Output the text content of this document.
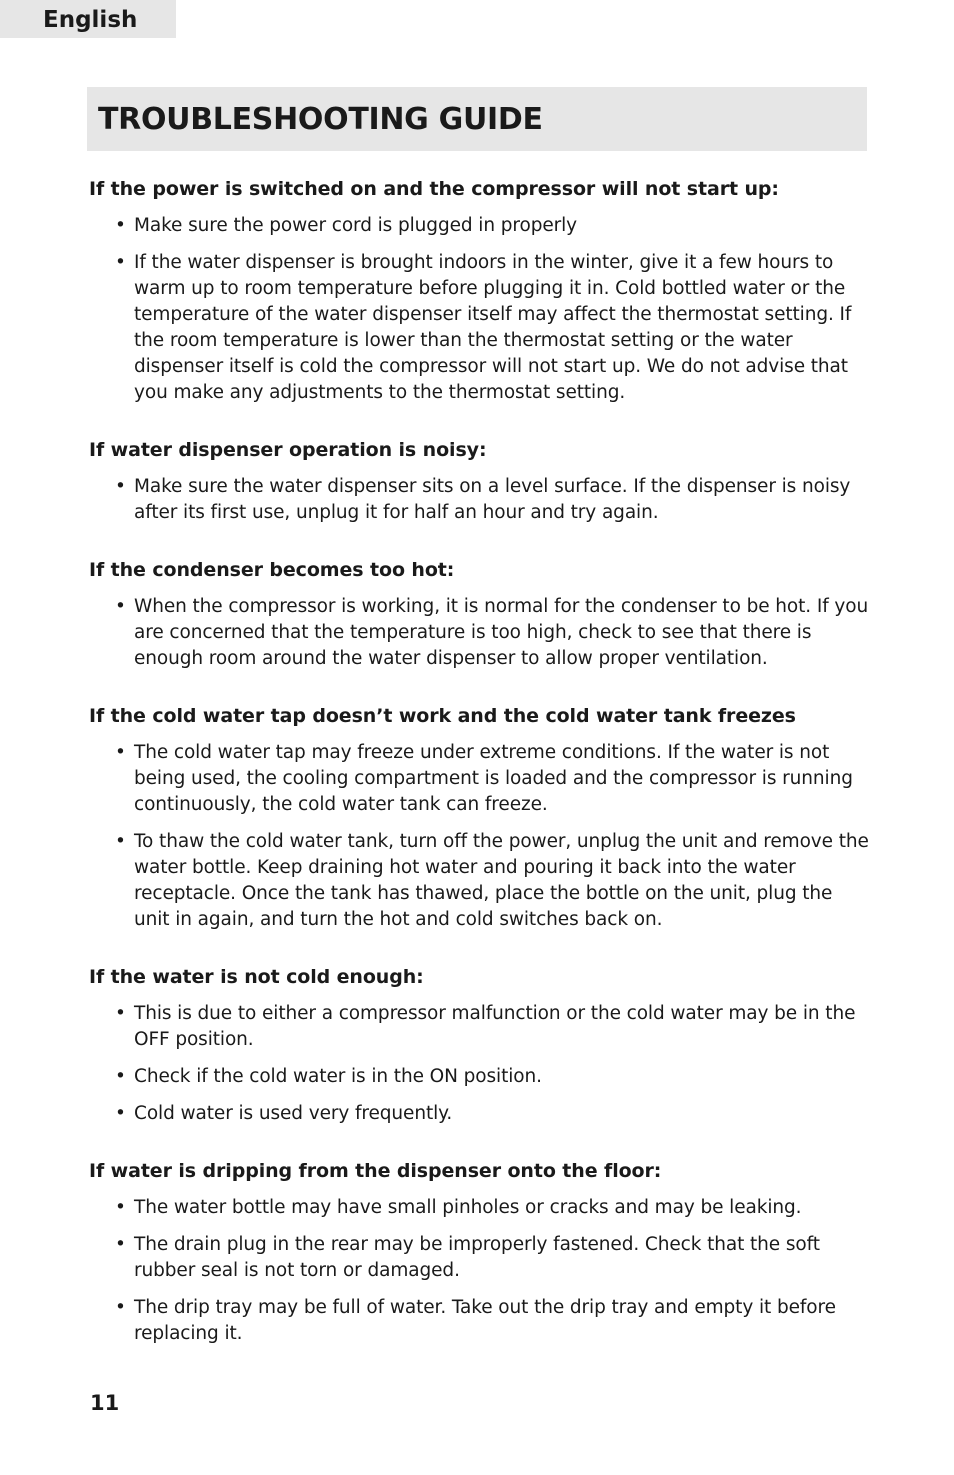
English
TROUBLESHOOTING GUIDE
If the power is switched on and the compressor will not start up:
• Make sure the power cord is plugged in properly
• If the water dispenser is brought indoors in the winter, give it a few hours to warm up to room temperature before plugging it in. Cold bottled water or the temperature of the water dispenser itself may affect the thermostat setting. If the room temperature is lower than the thermostat setting or the water dispenser itself is cold the compressor will not start up. We do not advise that you make any adjustments to the thermostat setting.
If water dispenser operation is noisy:
• Make sure the water dispenser sits on a level surface. If the dispenser is noisy after its first use, unplug it for half an hour and try again.
If the condenser becomes too hot:
• When the compressor is working, it is normal for the condenser to be hot. If you are concerned that the temperature is too high, check to see that there is enough room around the water dispenser to allow proper ventilation.
If the cold water tap doesn’t work and the cold water tank freezes
• The cold water tap may freeze under extreme conditions. If the water is not being used, the cooling compartment is loaded and the compressor is running continuously, the cold water tank can freeze.
• To thaw the cold water tank, turn off the power, unplug the unit and remove the water bottle. Keep draining hot water and pouring it back into the water receptacle. Once the tank has thawed, place the bottle on the unit, plug the unit in again, and turn the hot and cold switches back on.
If the water is not cold enough:
• This is due to either a compressor malfunction or the cold water may be in the OFF position.
• Check if the cold water is in the ON position.
• Cold water is used very frequently.
If water is dripping from the dispenser onto the floor:
• The water bottle may have small pinholes or cracks and may be leaking.
• The drain plug in the rear may be improperly fastened. Check that the soft rubber seal is not torn or damaged.
• The drip tray may be full of water. Take out the drip tray and empty it before replacing it.
11
